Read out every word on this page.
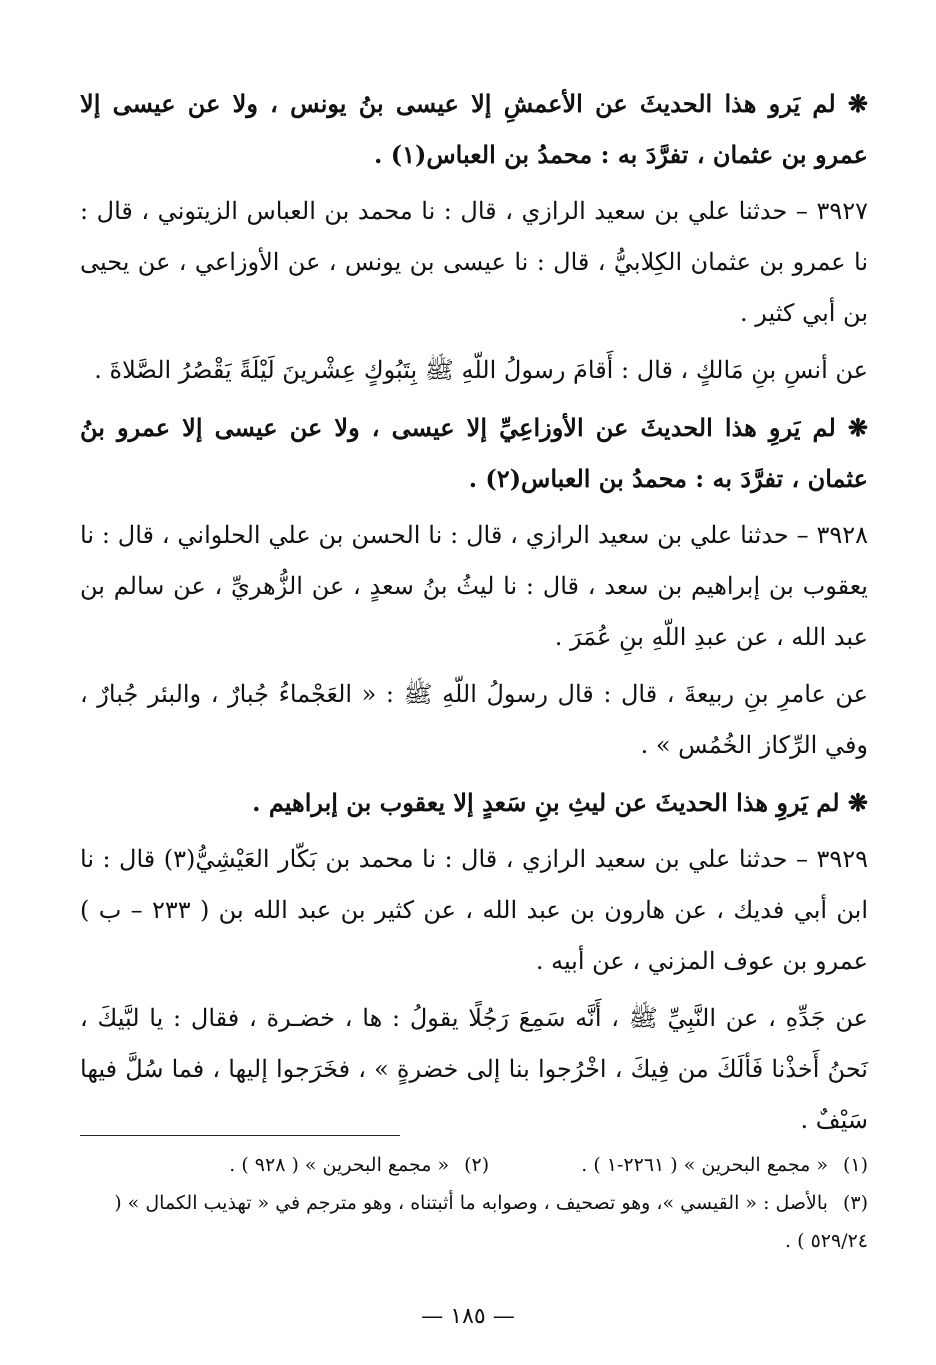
❋ لم يَرو هذا الحديثَ عن الأعمشِ إلا عيسى بنُ يونس ، ولا عن عيسى إلا عمرو بن عثمان ، تفرَّدَ به : محمدُ بن العباس(١) .

٣٩٢٧ – حدثنا علي بن سعيد الرازي ، قال : نا محمد بن العباس الزيتوني ، قال : نا عمرو بن عثمان الكِلابيُّ ، قال : نا عيسى بن يونس ، عن الأوزاعي ، عن يحيى بن أبي كثير .

عن أنسِ بنِ مَالكٍ ، قال : أَقامَ رسولُ اللّهِ ﷺ بِتَبُوكٍ عِشْرينَ لَيْلَةً يَقْصُرُ الصَّلاةَ .

❋ لم يَروِ هذا الحديثَ عن الأوزاعِيِّ إلا عيسى ، ولا عن عيسى إلا عمرو بنُ عثمان ، تفرَّدَ به : محمدُ بن العباس(٢) .

٣٩٢٨ – حدثنا علي بن سعيد الرازي ، قال : نا الحسن بن علي الحلواني ، قال : نا يعقوب بن إبراهيم بن سعد ، قال : نا ليثُ بنُ سعدٍ ، عن الزُّهريِّ ، عن سالم بن عبد الله ، عن عبدِ اللّهِ بنِ عُمَرَ .

عن عامرِ بنِ ربيعةَ ، قال : قال رسولُ اللّهِ ﷺ : « العَجْماءُ جُبارٌ ، والبئر جُبارٌ ، وفي الرِّكاز الخُمُس » .

❋ لم يَروِ هذا الحديثَ عن ليثِ بنِ سَعدٍ إلا يعقوب بن إبراهيم .

٣٩٢٩ – حدثنا علي بن سعيد الرازي ، قال : نا محمد بن بَكّار العَيْشِيُّ(٣) قال : نا ابن أبي فديك ، عن هارون بن عبد الله ، عن كثير بن عبد الله بن ( ٢٣٣ – ب ) عمرو بن عوف المزني ، عن أبيه .

عن جَدِّهِ ، عن النَّبِيِّ ﷺ ، أَنَّه سَمِعَ رَجُلًا يقولُ : ها ، خضـرة ، فقال : يا لبَّيكَ ، نَحنُ أَخذْنا فَألَكَ من فِيكَ ، اخْرُجوا بنا إلى خضرةٍ » ، فخَرَجوا إليها ، فما سُلَّ فيها سَيْفٌ .

(١) « مجمع البحرين » ( ٢٢٦١-١ ) .  (٢) « مجمع البحرين » ( ٩٢٨ ) .

(٣) بالأصل : « القيسي »، وهو تصحيف ، وصوابه ما أثبتناه ، وهو مترجم في « تهذيب الكمال » ( ٥٢٩/٢٤ ) .

— ١٨٥ —
